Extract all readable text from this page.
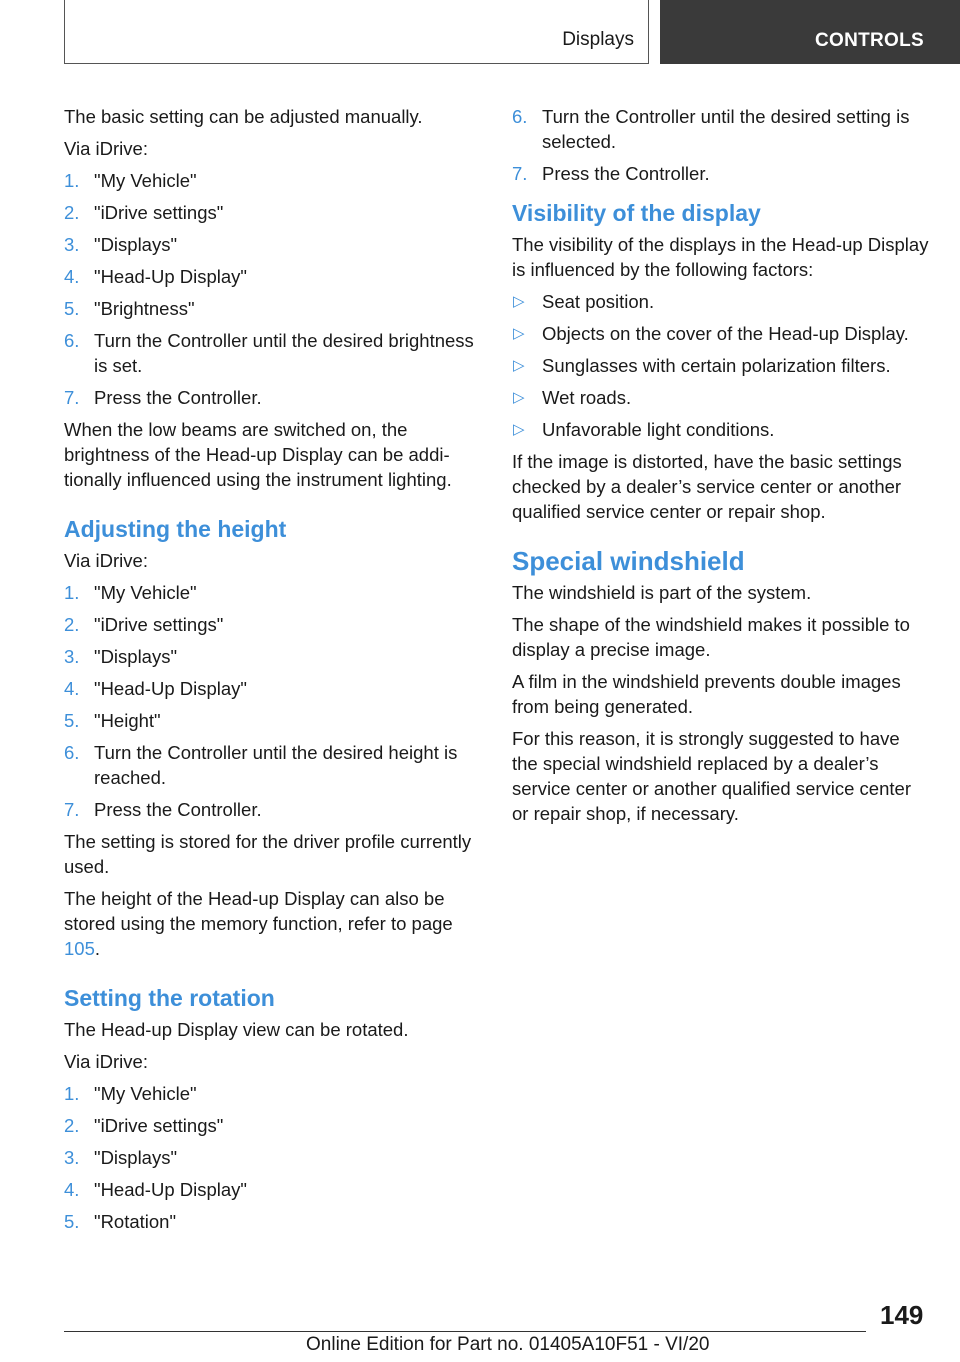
Displays	CONTROLS

The basic setting can be adjusted manually.

Via iDrive:

1. "My Vehicle"
2. "iDrive settings"
3. "Displays"
4. "Head-Up Display"
5. "Brightness"
6. Turn the Controller until the desired brightness is set.
7. Press the Controller.

When the low beams are switched on, the brightness of the Head-up Display can be additionally influenced using the instrument lighting.

Adjusting the height

Via iDrive:

1. "My Vehicle"
2. "iDrive settings"
3. "Displays"
4. "Head-Up Display"
5. "Height"
6. Turn the Controller until the desired height is reached.
7. Press the Controller.

The setting is stored for the driver profile currently used.

The height of the Head-up Display can also be stored using the memory function, refer to page 105.

Setting the rotation

The Head-up Display view can be rotated.

Via iDrive:

1. "My Vehicle"
2. "iDrive settings"
3. "Displays"
4. "Head-Up Display"
5. "Rotation"
6. Turn the Controller until the desired setting is selected.
7. Press the Controller.
Visibility of the display

The visibility of the displays in the Head-up Display is influenced by the following factors:

▷ Seat position.
▷ Objects on the cover of the Head-up Display.
▷ Sunglasses with certain polarization filters.
▷ Wet roads.
▷ Unfavorable light conditions.

If the image is distorted, have the basic settings checked by a dealer’s service center or another qualified service center or repair shop.

Special windshield

The windshield is part of the system.

The shape of the windshield makes it possible to display a precise image.

A film in the windshield prevents double images from being generated.

For this reason, it is strongly suggested to have the special windshield replaced by a dealer’s service center or another qualified service center or repair shop, if necessary.

149
Online Edition for Part no. 01405A10F51 - VI/20
